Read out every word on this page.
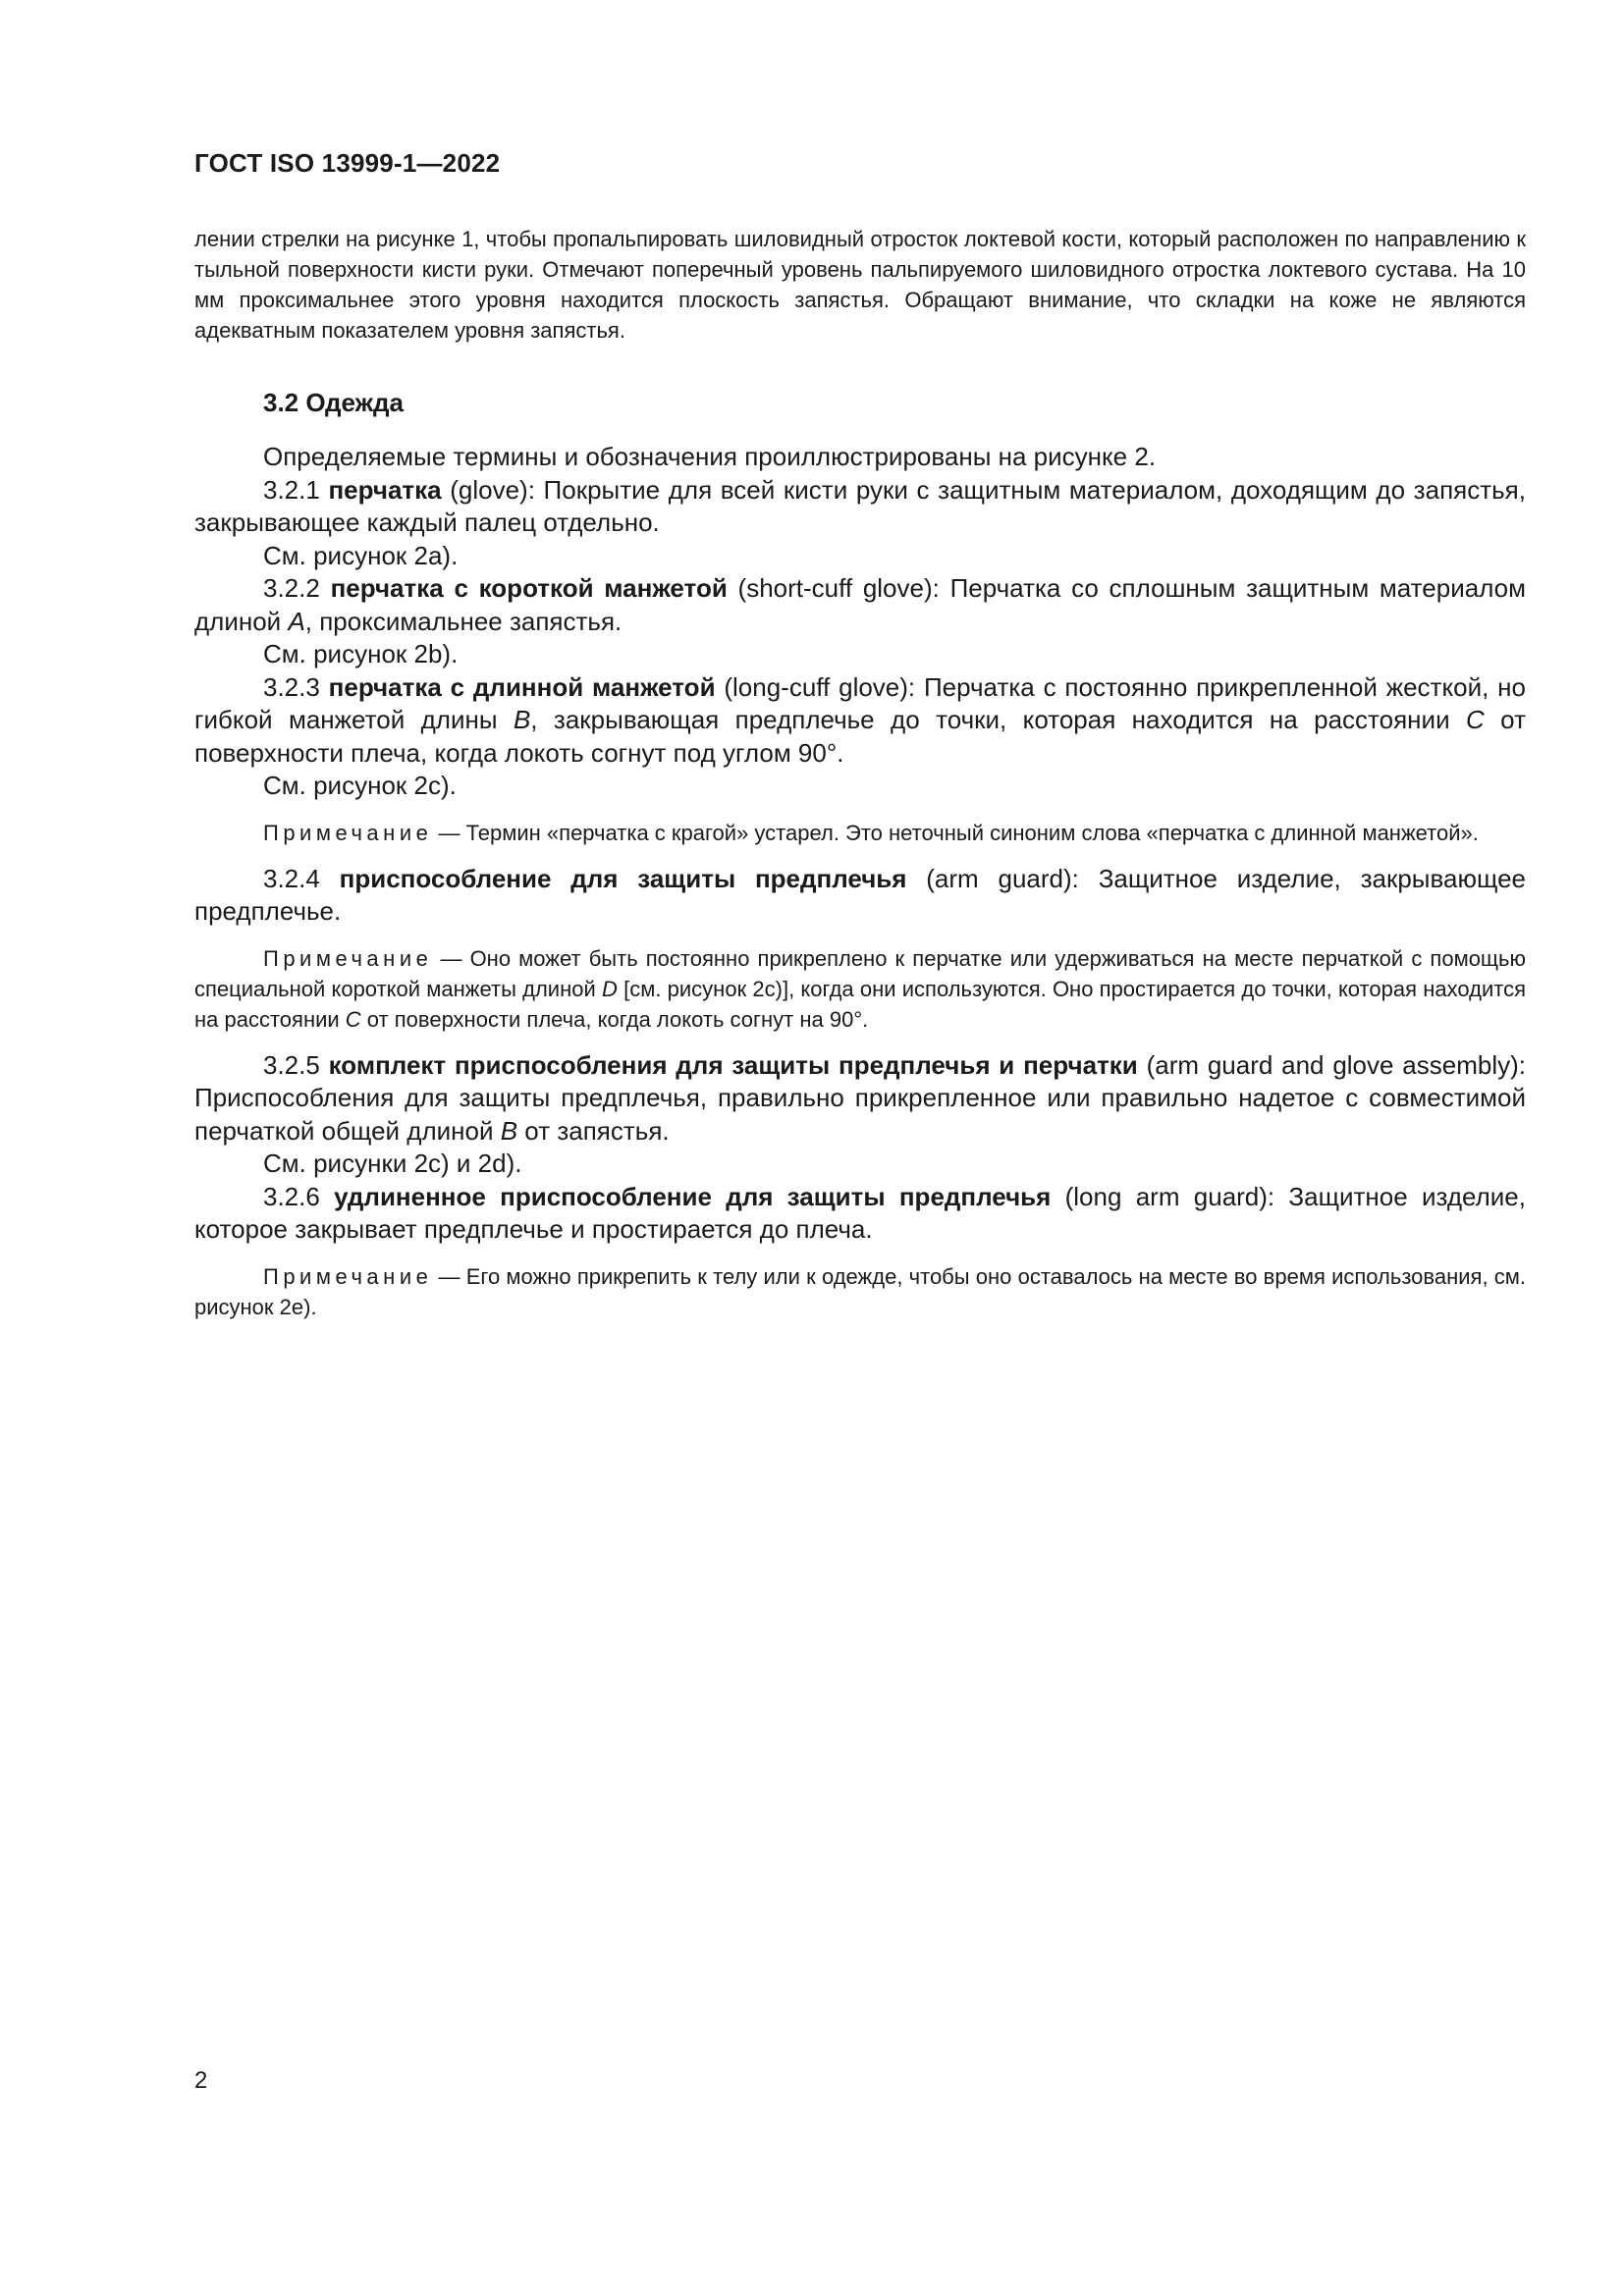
ГОСТ ISO 13999-1—2022

лении стрелки на рисунке 1, чтобы пропальпировать шиловидный отросток локтевой кости, который расположен по направлению к тыльной поверхности кисти руки. Отмечают поперечный уровень пальпируемого шиловидного отростка локтевого сустава. На 10 мм проксимальнее этого уровня находится плоскость запястья. Обращают внимание, что складки на коже не являются адекватным показателем уровня запястья.

3.2 Одежда

Определяемые термины и обозначения проиллюстрированы на рисунке 2.

3.2.1 перчатка (glove): Покрытие для всей кисти руки с защитным материалом, доходящим до запястья, закрывающее каждый палец отдельно.

См. рисунок 2а).

3.2.2 перчатка с короткой манжетой (short-cuff glove): Перчатка со сплошным защитным материалом длиной A, проксимальнее запястья.

См. рисунок 2b).

3.2.3 перчатка с длинной манжетой (long-cuff glove): Перчатка с постоянно прикрепленной жесткой, но гибкой манжетой длины B, закрывающая предплечье до точки, которая находится на расстоянии C от поверхности плеча, когда локоть согнут под углом 90°.

См. рисунок 2с).

Примечание — Термин «перчатка с крагой» устарел. Это неточный синоним слова «перчатка с длинной манжетой».

3.2.4 приспособление для защиты предплечья (arm guard): Защитное изделие, закрывающее предплечье.

Примечание — Оно может быть постоянно прикреплено к перчатке или удерживаться на месте перчаткой с помощью специальной короткой манжеты длиной D [см. рисунок 2с)], когда они используются. Оно простирается до точки, которая находится на расстоянии C от поверхности плеча, когда локоть согнут на 90°.

3.2.5 комплект приспособления для защиты предплечья и перчатки (arm guard and glove assembly): Приспособления для защиты предплечья, правильно прикрепленное или правильно надетое с совместимой перчаткой общей длиной B от запястья.

См. рисунки 2с) и 2d).

3.2.6 удлиненное приспособление для защиты предплечья (long arm guard): Защитное изделие, которое закрывает предплечье и простирается до плеча.

Примечание — Его можно прикрепить к телу или к одежде, чтобы оно оставалось на месте во время использования, см. рисунок 2е).

2
